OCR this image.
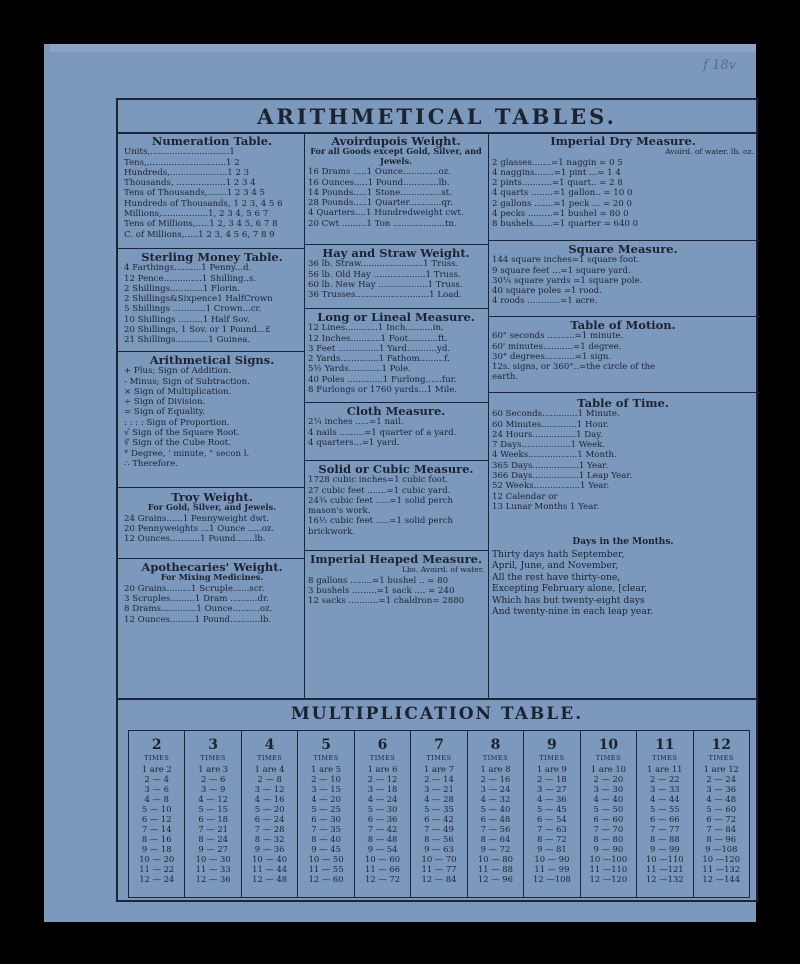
f 18v
ARITHMETICAL TABLES.
Numeration Table.
Units,.............................1
Tens,.............................1 2
Hundreds,.....................1 2 3
Thousands, ..................1 2 3 4
Tens of Thousands,.......1 2 3 4 5
Hundreds of Thousands, 1 2 3, 4 5 6
Millions,.................1, 2 3 4, 5 6 7
Tens of Millions,.....1 2, 3 4 5, 6 7 8
C. of Millions,.....1 2 3, 4 5 6, 7 8 9
Sterling Money Table.
4 Farthings..........1 Penny...d.
12 Pence..............1 Shilling..s.
2 Shillings............1 Florin.
2 Shillings&Sixpence1 HalfCrown
5 Shillings ............1 Crown...cr.
10 Shillings .........1 Half Sov.
20 Shillings, 1 Sov. or 1 Pound...£
21 Shillings............1 Guinea.
Arithmetical Signs.
+ Plus; Sign of Addition.
- Minus; Sign of Subtraction.
× Sign of Multiplication.
÷ Sign of Division.
= Sign of Equality.
: : : : Sign of Proportion.
√ Sign of the Square Root.
∛ Sign of the Cube Root.
° Degree, ' minute, " secon l.
∴ Therefore.
Troy Weight.
For Gold, Silver, and Jewels.
24 Grains......1 Pennyweight dwt.
20 Pennyweights ...1 Ounce .....oz.
12 Ounces...........1 Pound.......lb.
Apothecaries' Weight.
For Mixing Medicines.
20 Grains.........1 Scruple......scr.
3 Scruples.........1 Dram ..........dr.
8 Drams.............1 Ounce..........oz.
12 Ounces.........1 Pound...........lb.
Avoirdupois Weight.
For all Goods except Gold, Silver, and Jewels.
16 Drams .....1 Ounce.............oz.
16 Ounces.....1 Pound.............lb.
14 Pounds.....1 Stone...............st.
28 Pounds.....1 Quarter............qr.
4 Quarters....1 Hundredweight cwt.
20 Cwt .........1 Ton ...................tn.
Hay and Straw Weight.
36 lb. Straw.......................1 Truss.
56 lb. Old Hay ...................1 Truss.
60 lb. New Hay ..................1 Truss.
36 Trusses...........................1 Load.
Long or Lineal Measure.
12 Lines............1 Inch..........in.
12 Inches...........1 Foot...........ft.
3 Feet ...............1 Yard...........yd.
2 Yards..............1 Fathom.........f.
5½ Yards............1 Pole.
40 Poles .............1 Furlong......fur.
8 Furlongs or 1760 yards...1 Mile.
Cloth Measure.
2¼ inches .....=1 nail.
4 nails .........=1 quarter of a yard.
4 quarters...=1 yard.
Solid or Cubic Measure.
1728 cubic inches=1 cubic foot.
27 cubic feet .......=1 cubic yard.
24¾ cubic feet .....=1 solid perch
mason's work.
16½ cubic feet .....=1 solid perch
brickwork.
Imperial Heaped Measure.
Lbs. Avoird. of water.
8 gallons ........=1 bushel .. = 80
3 bushels .........=1 sack .... = 240
12 sacks ...........=1 chaldron= 2880
Imperial Dry Measure.
Avoird. of water. lb. oz.
2 glasses.......=1 naggin = 0 5
4 naggins.......=1 pint ...= 1 4
2 pints...........=1 quart.. = 2 8
4 quarts ........=1 gallon.. = 10 0
2 gallons .......=1 peck ... = 20 0
4 pecks .........=1 bushel = 80 0
8 bushels.......=1 quarter = 640 0
Square Measure.
144 square inches=1 square foot.
9 square feet ...=1 square yard.
30¼ square yards =1 square pole.
40 square poles =1 rood.
4 roods ............=1 acre.
Table of Motion.
60" seconds ..........=1 minute.
60' minutes...........=1 degree.
30° degrees...........=1 sign.
12s. signs, or 360°..=the circle of the
earth.
Table of Time.
60 Seconds.............1 Minute.
60 Minutes.............1 Hour.
24 Hours................1 Day.
7 Days..................1 Week.
4 Weeks..................1 Month.
365 Days.................1 Year.
366 Days.................1 Leap Year.
52 Weeks.................1 Year.
12 Calendar or
13 Lunar Months 1 Year.
Days in the Months.
Thirty days hath September,
April, June, and November,
All the rest have thirty-one,
Excepting February alone, [clear,
Which has but twenty-eight days
And twenty-nine in each leap year.
MULTIPLICATION TABLE.
2
TIMES
1 are 2
2 — 4
3 — 6
4 — 8
5 — 10
6 — 12
7 — 14
8 — 16
9 — 18
10 — 20
11 — 22
12 — 24
3
TIMES
1 are 3
2 — 6
3 — 9
4 — 12
5 — 15
6 — 18
7 — 21
8 — 24
9 — 27
10 — 30
11 — 33
12 — 36
4
TIMES
1 are 4
2 — 8
3 — 12
4 — 16
5 — 20
6 — 24
7 — 28
8 — 32
9 — 36
10 — 40
11 — 44
12 — 48
5
TIMES
1 are 5
2 — 10
3 — 15
4 — 20
5 — 25
6 — 30
7 — 35
8 — 40
9 — 45
10 — 50
11 — 55
12 — 60
6
TIMES
1 are 6
2 — 12
3 — 18
4 — 24
5 — 30
6 — 36
7 — 42
8 — 48
9 — 54
10 — 60
11 — 66
12 — 72
7
TIMES
1 are 7
2 — 14
3 — 21
4 — 28
5 — 35
6 — 42
7 — 49
8 — 56
9 — 63
10 — 70
11 — 77
12 — 84
8
TIMES
1 are 8
2 — 16
3 — 24
4 — 32
5 — 40
6 — 48
7 — 56
8 — 64
9 — 72
10 — 80
11 — 88
12 — 96
9
TIMES
1 are 9
2 — 18
3 — 27
4 — 36
5 — 45
6 — 54
7 — 63
8 — 72
9 — 81
10 — 90
11 — 99
12 —108
10
TIMES
1 are 10
2 — 20
3 — 30
4 — 40
5 — 50
6 — 60
7 — 70
8 — 80
9 — 90
10 —100
11 —110
12 —120
11
TIMES
1 are 11
2 — 22
3 — 33
4 — 44
5 — 55
6 — 66
7 — 77
8 — 88
9 — 99
10 —110
11 —121
12 —132
12
TIMES
1 are 12
2 — 24
3 — 36
4 — 48
5 — 60
6 — 72
7 — 84
8 — 96
9 —108
10 —120
11 —132
12 —144
